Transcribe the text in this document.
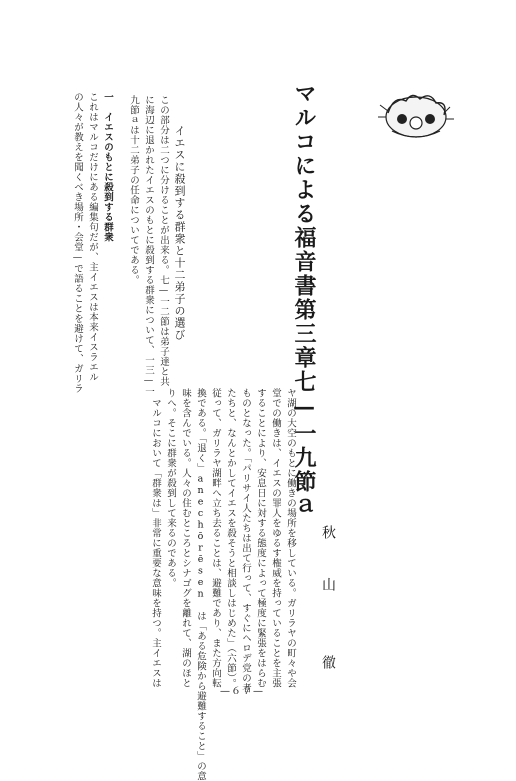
マルコによる福音書第三章七—一九節ａ
秋　山　　徹
イエスに殺到する群衆と十二弟子の選び

この部分は二つに分けることが出来る。七—一二節は弟子達と共

に海辺に退かれたイエスのもとに殺到する群衆について、一三—一

九節ａは十二弟子の任命についてである。

一　イエスのもとに殺到する群衆

これはマルコだけにある編集句だが、主イエスは本来イスラエル

の人々が教えを聞くべき場所・会堂—で語ることを避けて、ガリラ

ヤ湖の大空のもとに働きの場所を移している。ガリラヤの町々や会

堂での働きは、イエスの罪人をゆるす権威を持っていることを主張

することにより、安息日に対する態度によって極度に緊張をはらむ

ものとなった。「パリサイ人たちは出て行って、すぐにヘロデ党の者

たちと、なんとかしてイエスを殺そうと相談しはじめた」（六節）。

従って、ガリラヤ湖畔へ立ち去ることは、避難であり、また方向転

換である。「退く」anechōrēsen は「ある危険から避難すること」の意

味を含んでいる。人々の住むところとシナゴグを離れて、湖のほと

りへ。そこに群衆が殺到して来るのである。

　マルコにおいて「群衆は」非常に重要な意味を持つ。主イエスは

—６７—
